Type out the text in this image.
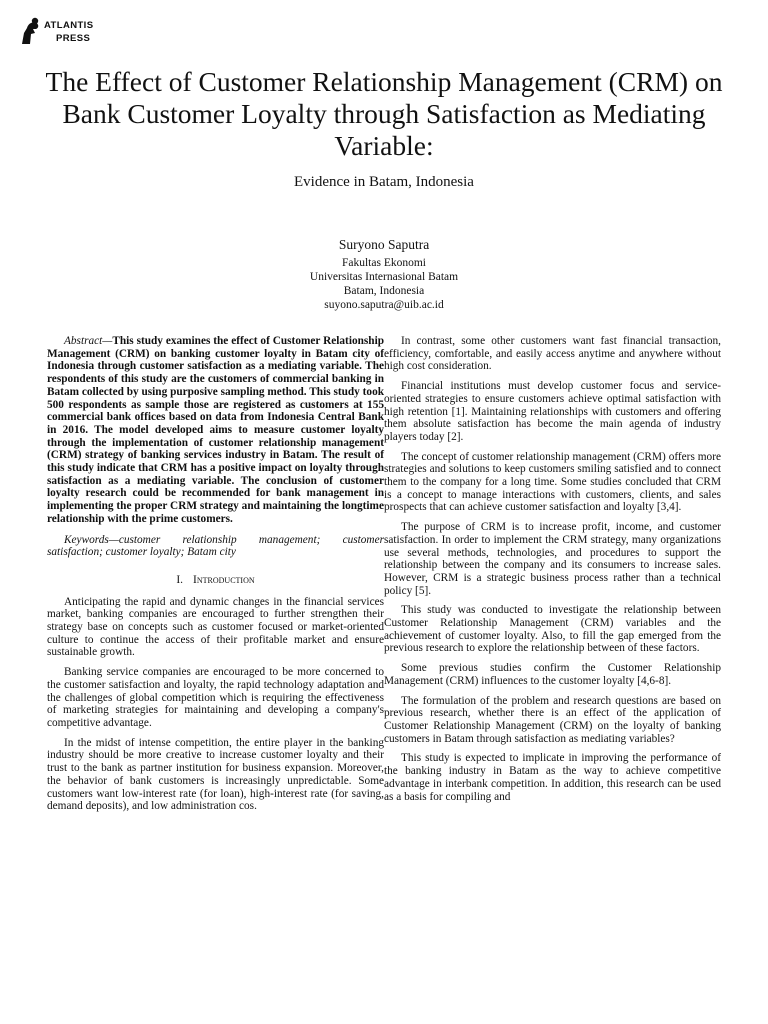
ATLANTIS
PRESS
The Effect of Customer Relationship Management (CRM) on Bank Customer Loyalty through Satisfaction as Mediating Variable:
Evidence in Batam, Indonesia
Suryono Saputra
Fakultas Ekonomi
Universitas Internasional Batam
Batam, Indonesia
suyono.saputra@uib.ac.id

Abstract—This study examines the effect of Customer Relationship Management (CRM) on banking customer loyalty in Batam city of Indonesia through customer satisfaction as a mediating variable. The respondents of this study are the customers of commercial banking in Batam collected by using purposive sampling method. This study took 500 respondents as sample those are registered as customers at 155 commercial bank offices based on data from Indonesia Central Bank in 2016. The model developed aims to measure customer loyalty through the implementation of customer relationship management (CRM) strategy of banking services industry in Batam. The result of this study indicate that CRM has a positive impact on loyalty through satisfaction as a mediating variable. The conclusion of customer loyalty research could be recommended for bank management in implementing the proper CRM strategy and maintaining the longtime relationship with the prime customers.

Keywords—customer relationship management; customer satisfaction; customer loyalty; Batam city

I. Introduction

Anticipating the rapid and dynamic changes in the financial services market, banking companies are encouraged to further strengthen their strategy base on concepts such as customer focused or market-oriented culture to continue the access of their profitable market and ensure sustainable growth.

Banking service companies are encouraged to be more concerned to the customer satisfaction and loyalty, the rapid technology adaptation and the challenges of global competition which is requiring the effectiveness of marketing strategies for maintaining and developing a company's competitive advantage.

In the midst of intense competition, the entire player in the banking industry should be more creative to increase customer loyalty and their trust to the bank as partner institution for business expansion. Moreover, the behavior of bank customers is increasingly unpredictable. Some customers want low-interest rate (for loan), high-interest rate (for saving, demand deposits), and low administration cos.

In contrast, some other customers want fast financial transaction, efficiency, comfortable, and easily access anytime and anywhere without high cost consideration.

Financial institutions must develop customer focus and service-oriented strategies to ensure customers achieve optimal satisfaction with high retention [1]. Maintaining relationships with customers and offering them absolute satisfaction has become the main agenda of industry players today [2].

The concept of customer relationship management (CRM) offers more strategies and solutions to keep customers smiling satisfied and to connect them to the company for a long time. Some studies concluded that CRM is a concept to manage interactions with customers, clients, and sales prospects that can achieve customer satisfaction and loyalty [3,4].

The purpose of CRM is to increase profit, income, and customer satisfaction. In order to implement the CRM strategy, many organizations use several methods, technologies, and procedures to support the relationship between the company and its consumers to increase sales. However, CRM is a strategic business process rather than a technical policy [5].

This study was conducted to investigate the relationship between Customer Relationship Management (CRM) variables and the achievement of customer loyalty. Also, to fill the gap emerged from the previous research to explore the relationship between of these factors.

Some previous studies confirm the Customer Relationship Management (CRM) influences to the customer loyalty [4,6-8].

The formulation of the problem and research questions are based on previous research, whether there is an effect of the application of Customer Relationship Management (CRM) on the loyalty of banking customers in Batam through satisfaction as mediating variables?

This study is expected to implicate in improving the performance of the banking industry in Batam as the way to achieve competitive advantage in interbank competition. In addition, this research can be used as a basis for compiling and
